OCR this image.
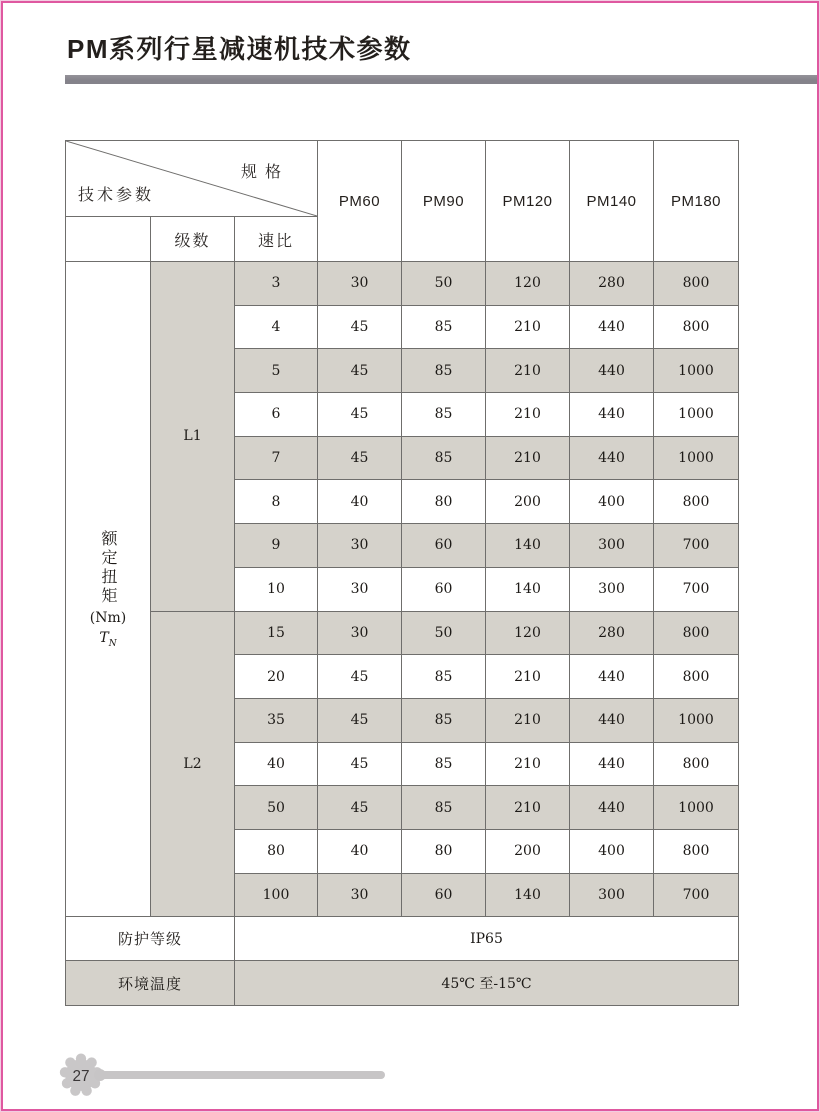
PM系列行星减速机技术参数
规格
技术参数	PM60	PM90	PM120	PM140	PM180
级数	速比
额定扭矩
(Nm)
$T_N$
防护等级	IP65
环境温度	45℃ 至-15℃
L1
3	30	50	120	280	800
4	45	85	210	440	800
5	45	85	210	440	1000
6	45	85	210	440	1000
7	45	85	210	440	1000
8	40	80	200	400	800
9	30	60	140	300	700
10	30	60	140	300	700
L2
15	30	50	120	280	800
20	45	85	210	440	800
35	45	85	210	440	1000
40	45	85	210	440	800
50	45	85	210	440	1000
80	40	80	200	400	800
100	30	60	140	300	700
27
